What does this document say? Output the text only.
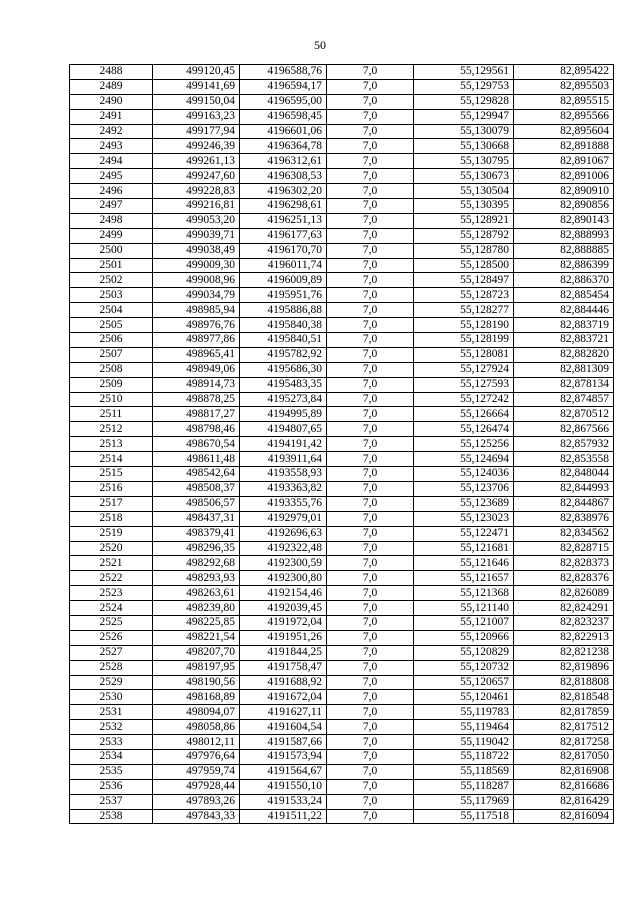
50
2488	499120,45	4196588,76	7,0	55,129561	82,895422
2489	499141,69	4196594,17	7,0	55,129753	82,895503
2490	499150,04	4196595,00	7,0	55,129828	82,895515
2491	499163,23	4196598,45	7,0	55,129947	82,895566
2492	499177,94	4196601,06	7,0	55,130079	82,895604
2493	499246,39	4196364,78	7,0	55,130668	82,891888
2494	499261,13	4196312,61	7,0	55,130795	82,891067
2495	499247,60	4196308,53	7,0	55,130673	82,891006
2496	499228,83	4196302,20	7,0	55,130504	82,890910
2497	499216,81	4196298,61	7,0	55,130395	82,890856
2498	499053,20	4196251,13	7,0	55,128921	82,890143
2499	499039,71	4196177,63	7,0	55,128792	82,888993
2500	499038,49	4196170,70	7,0	55,128780	82,888885
2501	499009,30	4196011,74	7,0	55,128500	82,886399
2502	499008,96	4196009,89	7,0	55,128497	82,886370
2503	499034,79	4195951,76	7,0	55,128723	82,885454
2504	498985,94	4195886,88	7,0	55,128277	82,884446
2505	498976,76	4195840,38	7,0	55,128190	82,883719
2506	498977,86	4195840,51	7,0	55,128199	82,883721
2507	498965,41	4195782,92	7,0	55,128081	82,882820
2508	498949,06	4195686,30	7,0	55,127924	82,881309
2509	498914,73	4195483,35	7,0	55,127593	82,878134
2510	498878,25	4195273,84	7,0	55,127242	82,874857
2511	498817,27	4194995,89	7,0	55,126664	82,870512
2512	498798,46	4194807,65	7,0	55,126474	82,867566
2513	498670,54	4194191,42	7,0	55,125256	82,857932
2514	498611,48	4193911,64	7,0	55,124694	82,853558
2515	498542,64	4193558,93	7,0	55,124036	82,848044
2516	498508,37	4193363,82	7,0	55,123706	82,844993
2517	498506,57	4193355,76	7,0	55,123689	82,844867
2518	498437,31	4192979,01	7,0	55,123023	82,838976
2519	498379,41	4192696,63	7,0	55,122471	82,834562
2520	498296,35	4192322,48	7,0	55,121681	82,828715
2521	498292,68	4192300,59	7,0	55,121646	82,828373
2522	498293,93	4192300,80	7,0	55,121657	82,828376
2523	498263,61	4192154,46	7,0	55,121368	82,826089
2524	498239,80	4192039,45	7,0	55,121140	82,824291
2525	498225,85	4191972,04	7,0	55,121007	82,823237
2526	498221,54	4191951,26	7,0	55,120966	82,822913
2527	498207,70	4191844,25	7,0	55,120829	82,821238
2528	498197,95	4191758,47	7,0	55,120732	82,819896
2529	498190,56	4191688,92	7,0	55,120657	82,818808
2530	498168,89	4191672,04	7,0	55,120461	82,818548
2531	498094,07	4191627,11	7,0	55,119783	82,817859
2532	498058,86	4191604,54	7,0	55,119464	82,817512
2533	498012,11	4191587,66	7,0	55,119042	82,817258
2534	497976,64	4191573,94	7,0	55,118722	82,817050
2535	497959,74	4191564,67	7,0	55,118569	82,816908
2536	497928,44	4191550,10	7,0	55,118287	82,816686
2537	497893,26	4191533,24	7,0	55,117969	82,816429
2538	497843,33	4191511,22	7,0	55,117518	82,816094
